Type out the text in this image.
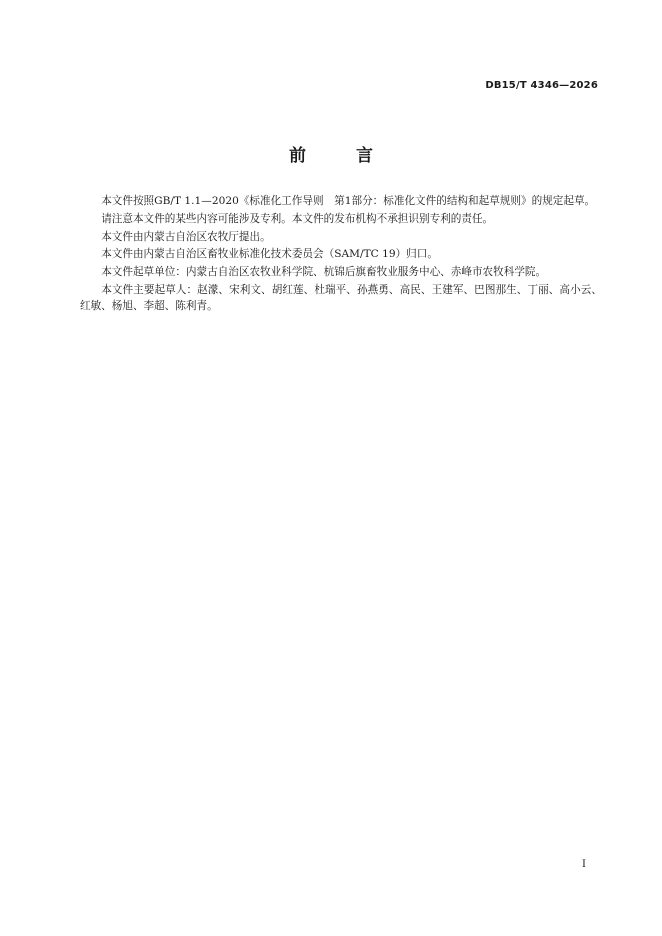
DB15/T 4346—2026
前 言

本文件按照GB/T 1.1—2020《标准化工作导则　第1部分：标准化文件的结构和起草规则》的规定起草。

请注意本文件的某些内容可能涉及专利。本文件的发布机构不承担识别专利的责任。

本文件由内蒙古自治区农牧厅提出。

本文件由内蒙古自治区畜牧业标准化技术委员会（SAM/TC 19）归口。

本文件起草单位：内蒙古自治区农牧业科学院、杭锦后旗畜牧业服务中心、赤峰市农牧科学院。

本文件主要起草人：赵濛、宋利文、胡红莲、杜瑞平、孙燕勇、高民、王建军、巴图那生、丁丽、高小云、红敏、杨旭、李超、陈利青。

I
